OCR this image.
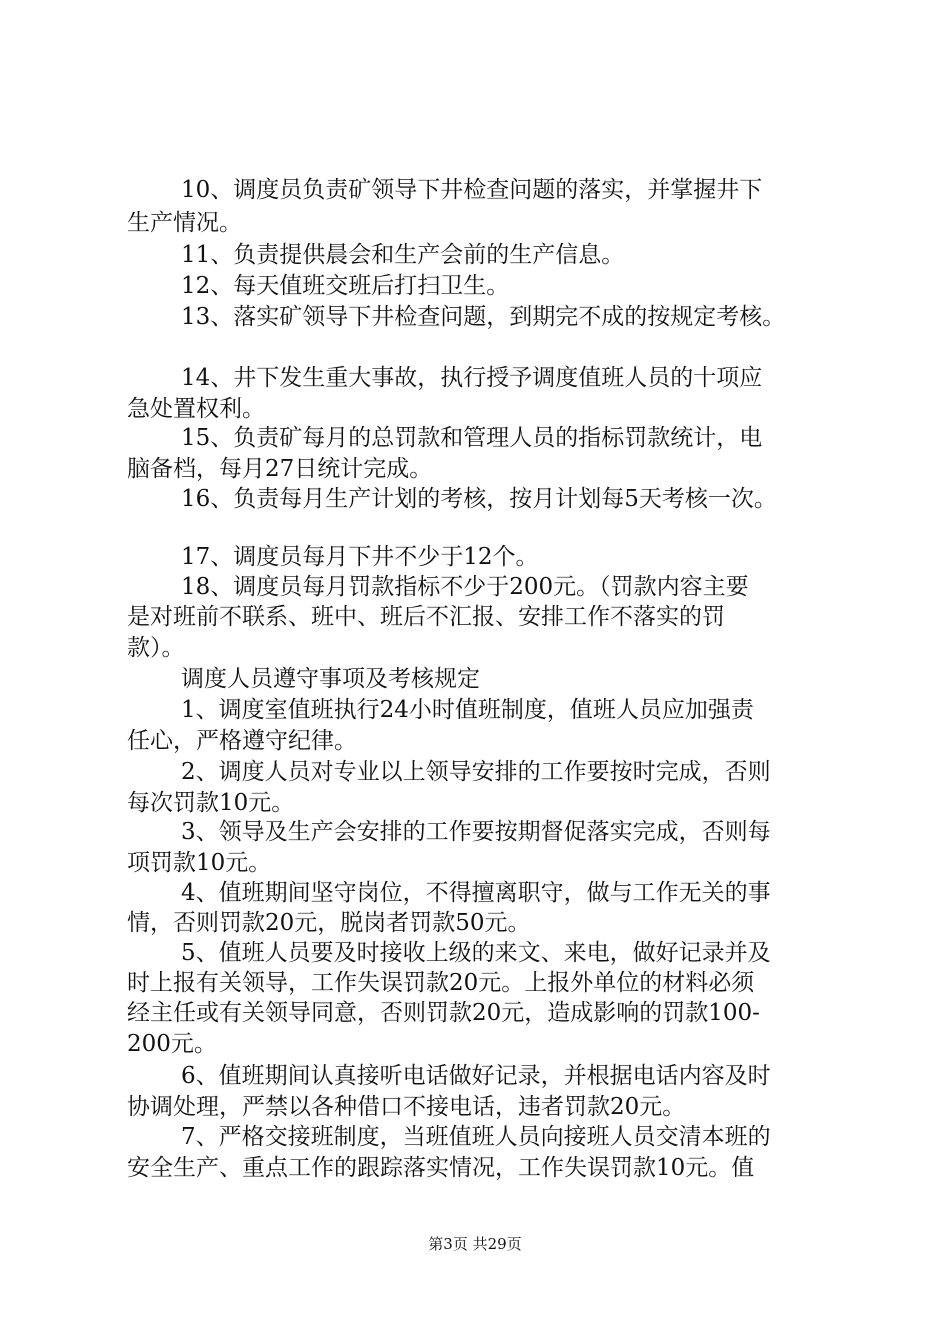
10、调度员负责矿领导下井检查问题的落实，并掌握井下
生产情况。
11、负责提供晨会和生产会前的生产信息。
12、每天值班交班后打扫卫生。
13、落实矿领导下井检查问题，到期完不成的按规定考核。
14、井下发生重大事故，执行授予调度值班人员的十项应
急处置权利。
15、负责矿每月的总罚款和管理人员的指标罚款统计，电
脑备档，每月27日统计完成。
16、负责每月生产计划的考核，按月计划每5天考核一次。
17、调度员每月下井不少于12个。
18、调度员每月罚款指标不少于200元。（罚款内容主要
是对班前不联系、班中、班后不汇报、安排工作不落实的罚
款）。
调度人员遵守事项及考核规定
1、调度室值班执行24小时值班制度，值班人员应加强责
任心，严格遵守纪律。
2、调度人员对专业以上领导安排的工作要按时完成，否则
每次罚款10元。
3、领导及生产会安排的工作要按期督促落实完成，否则每
项罚款10元。
4、值班期间坚守岗位，不得擅离职守，做与工作无关的事
情，否则罚款20元，脱岗者罚款50元。
5、值班人员要及时接收上级的来文、来电，做好记录并及
时上报有关领导，工作失误罚款20元。上报外单位的材料必须
经主任或有关领导同意，否则罚款20元，造成影响的罚款100-
200元。
6、值班期间认真接听电话做好记录，并根据电话内容及时
协调处理，严禁以各种借口不接电话，违者罚款20元。
7、严格交接班制度，当班值班人员向接班人员交清本班的
安全生产、重点工作的跟踪落实情况，工作失误罚款10元。值
第3页 共29页
